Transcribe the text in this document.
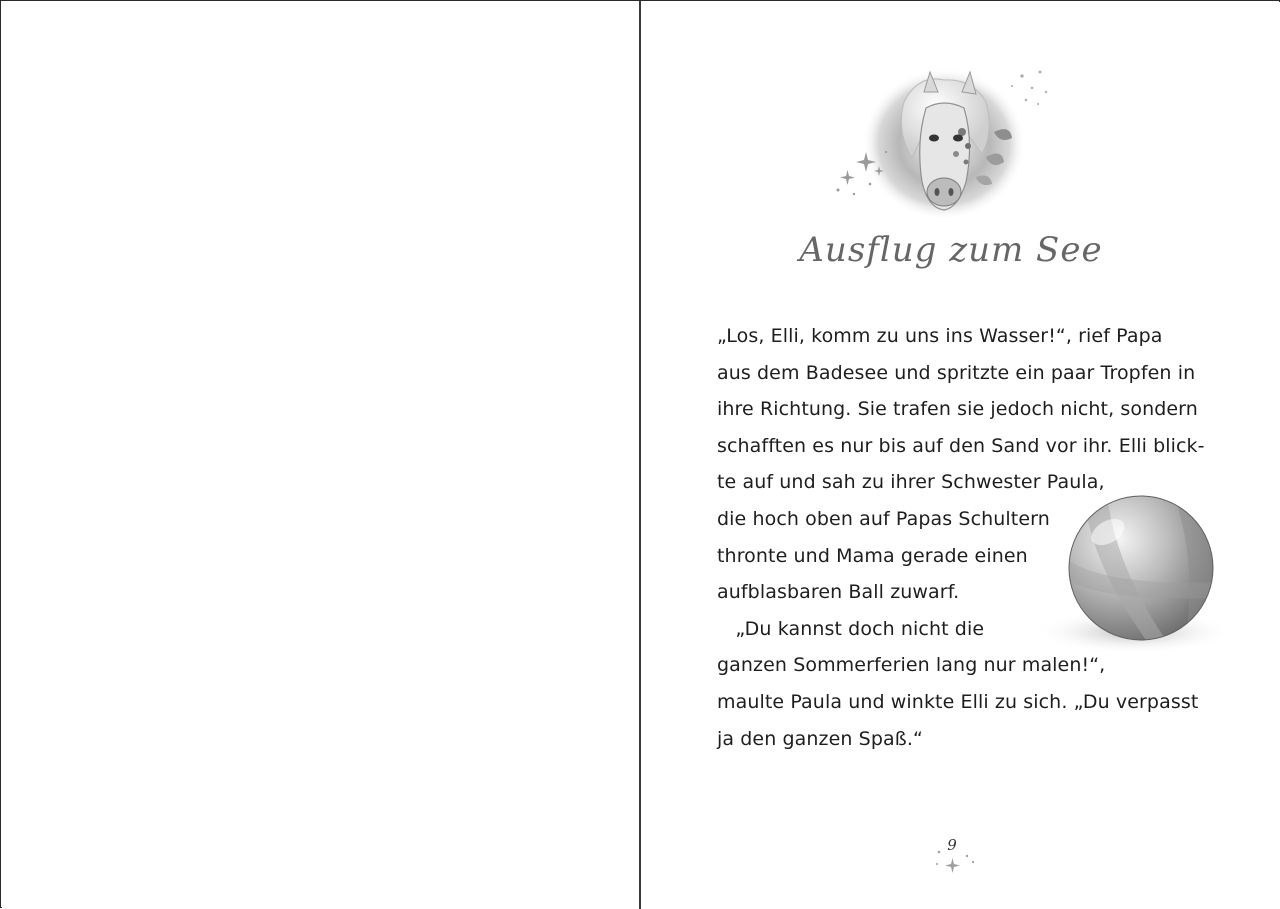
Ausflug zum See
„Los, Elli, komm zu uns ins Wasser!“, rief Papa
aus dem Badesee und spritzte ein paar Tropfen in
ihre Richtung. Sie trafen sie jedoch nicht, sondern
schafften es nur bis auf den Sand vor ihr. Elli blick-
te auf und sah zu ihrer Schwester Paula,
die hoch oben auf Papas Schultern
thronte und Mama gerade einen
aufblasbaren Ball zuwarf.
„Du kannst doch nicht die
ganzen Sommerferien lang nur malen!“,
maulte Paula und winkte Elli zu sich. „Du verpasst
ja den ganzen Spaß.“
9
